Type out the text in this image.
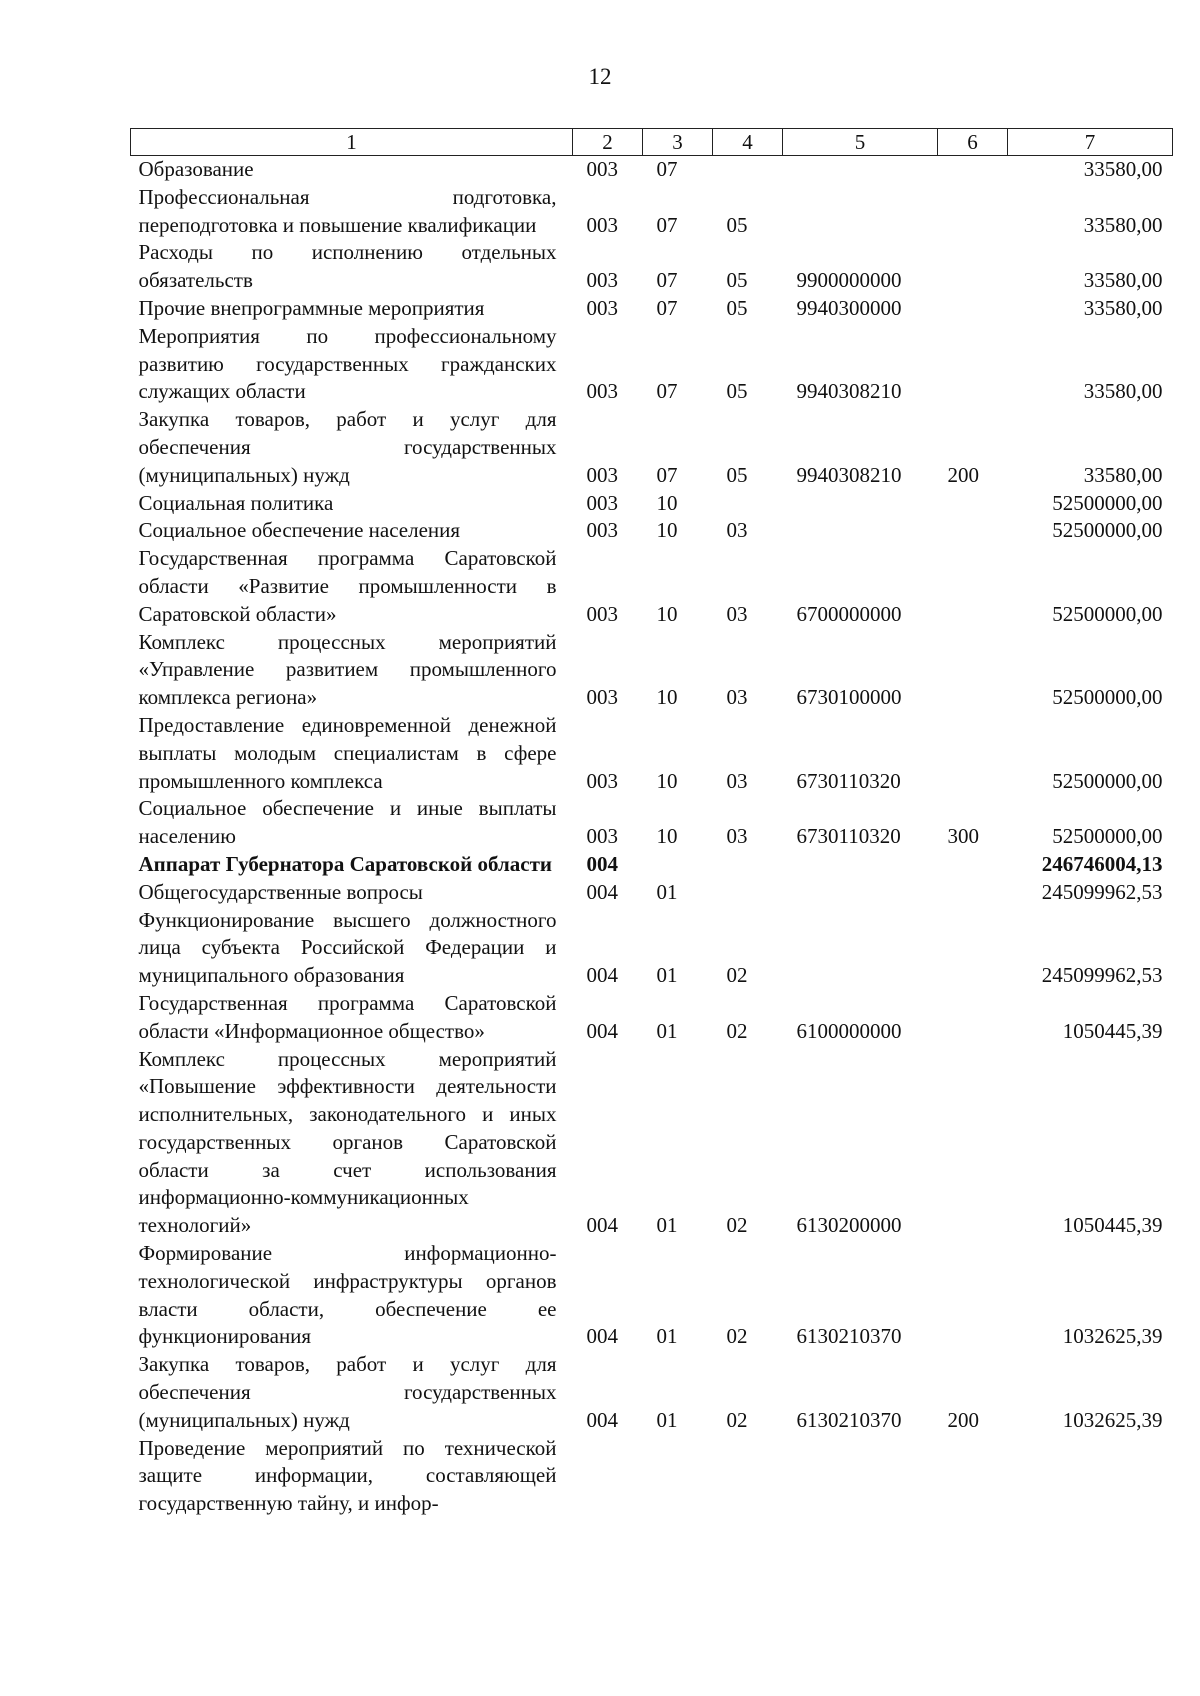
12
1	2	3	4	5	6	7
Образование	003	07				33580,00
Профессиональная подготовка, переподготовка и повышение квалификации	003	07	05			33580,00
Расходы по исполнению отдельных обязательств	003	07	05	9900000000		33580,00
Прочие внепрограммные мероприятия	003	07	05	9940300000		33580,00
Мероприятия по профессиональному развитию государственных гражданских служащих области	003	07	05	9940308210		33580,00
Закупка товаров, работ и услуг для обеспечения государственных (муниципальных) нужд	003	07	05	9940308210	200	33580,00
Социальная политика	003	10				52500000,00
Социальное обеспечение населения	003	10	03			52500000,00
Государственная программа Саратовской области «Развитие промышленности в Саратовской области»	003	10	03	6700000000		52500000,00
Комплекс процессных мероприятий «Управление развитием промышленного комплекса региона»	003	10	03	6730100000		52500000,00
Предоставление единовременной денежной выплаты молодым специалистам в сфере промышленного комплекса	003	10	03	6730110320		52500000,00
Социальное обеспечение и иные выплаты населению	003	10	03	6730110320	300	52500000,00
Аппарат Губернатора Саратовской области	004					246746004,13
Общегосударственные вопросы	004	01				245099962,53
Функционирование высшего должностного лица субъекта Российской Федерации и муниципального образования	004	01	02			245099962,53
Государственная программа Саратовской области «Информационное общество»	004	01	02	6100000000		1050445,39
Комплекс процессных мероприятий «Повышение эффективности деятельности исполнительных, законодательного и иных государственных органов Саратовской области за счет использования информационно-коммуникационных технологий»	004	01	02	6130200000		1050445,39
Формирование информационно-технологической инфраструктуры органов власти области, обеспечение ее функционирования	004	01	02	6130210370		1032625,39
Закупка товаров, работ и услуг для обеспечения государственных (муниципальных) нужд	004	01	02	6130210370	200	1032625,39
Проведение мероприятий по технической защите информации, составляющей государственную тайну, и инфор-						
